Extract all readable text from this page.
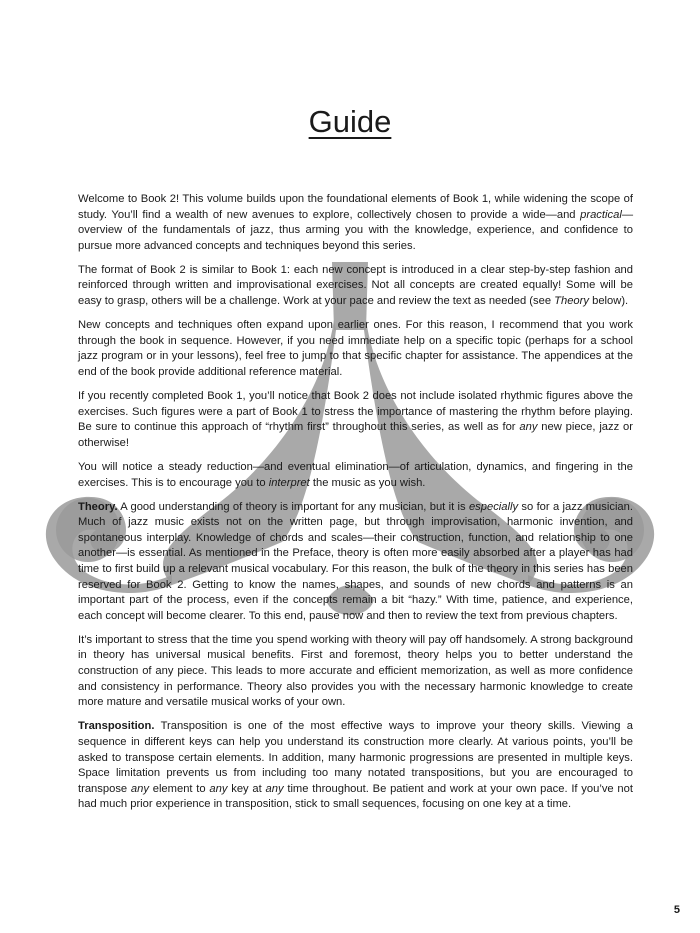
Guide

Welcome to Book 2! This volume builds upon the foundational elements of Book 1, while widening the scope of study. You’ll find a wealth of new avenues to explore, collectively chosen to provide a wide—and practical—overview of the fundamentals of jazz, thus arming you with the knowledge, experience, and confidence to pursue more advanced concepts and techniques beyond this series.

The format of Book 2 is similar to Book 1: each new concept is introduced in a clear step-by-step fashion and reinforced through written and improvisational exercises. Not all concepts are created equally! Some will be easy to grasp, others will be a challenge. Work at your pace and review the text as needed (see Theory below).

New concepts and techniques often expand upon earlier ones. For this reason, I recommend that you work through the book in sequence. However, if you need immediate help on a specific topic (perhaps for a school jazz program or in your lessons), feel free to jump to that specific chapter for assistance. The appendices at the end of the book provide additional reference material.

If you recently completed Book 1, you’ll notice that Book 2 does not include isolated rhythmic figures above the exercises. Such figures were a part of Book 1 to stress the importance of mastering the rhythm before playing. Be sure to continue this approach of “rhythm first” throughout this series, as well as for any new piece, jazz or otherwise!

You will notice a steady reduction—and eventual elimination—of articulation, dynamics, and fingering in the exercises. This is to encourage you to interpret the music as you wish.

Theory. A good understanding of theory is important for any musician, but it is especially so for a jazz musician. Much of jazz music exists not on the written page, but through improvisation, harmonic invention, and spontaneous interplay. Knowledge of chords and scales—their construction, function, and relationship to one another—is essential. As mentioned in the Preface, theory is often more easily absorbed after a player has had time to first build up a relevant musical vocabulary. For this reason, the bulk of the theory in this series has been reserved for Book 2. Getting to know the names, shapes, and sounds of new chords and patterns is an important part of the process, even if the concepts remain a bit “hazy.” With time, patience, and experience, each concept will become clearer. To this end, pause now and then to review the text from previous chapters.

It’s important to stress that the time you spend working with theory will pay off handsomely. A strong background in theory has universal musical benefits. First and foremost, theory helps you to better understand the construction of any piece. This leads to more accurate and efficient memorization, as well as more confidence and consistency in performance. Theory also provides you with the necessary harmonic knowledge to create more mature and versatile musical works of your own.

Transposition. Transposition is one of the most effective ways to improve your theory skills. Viewing a sequence in different keys can help you understand its construction more clearly. At various points, you’ll be asked to transpose certain elements. In addition, many harmonic progressions are presented in multiple keys. Space limitation prevents us from including too many notated transpositions, but you are encouraged to transpose any element to any key at any time throughout. Be patient and work at your own pace. If you’ve not had much prior experience in transposition, stick to small sequences, focusing on one key at a time.

5
